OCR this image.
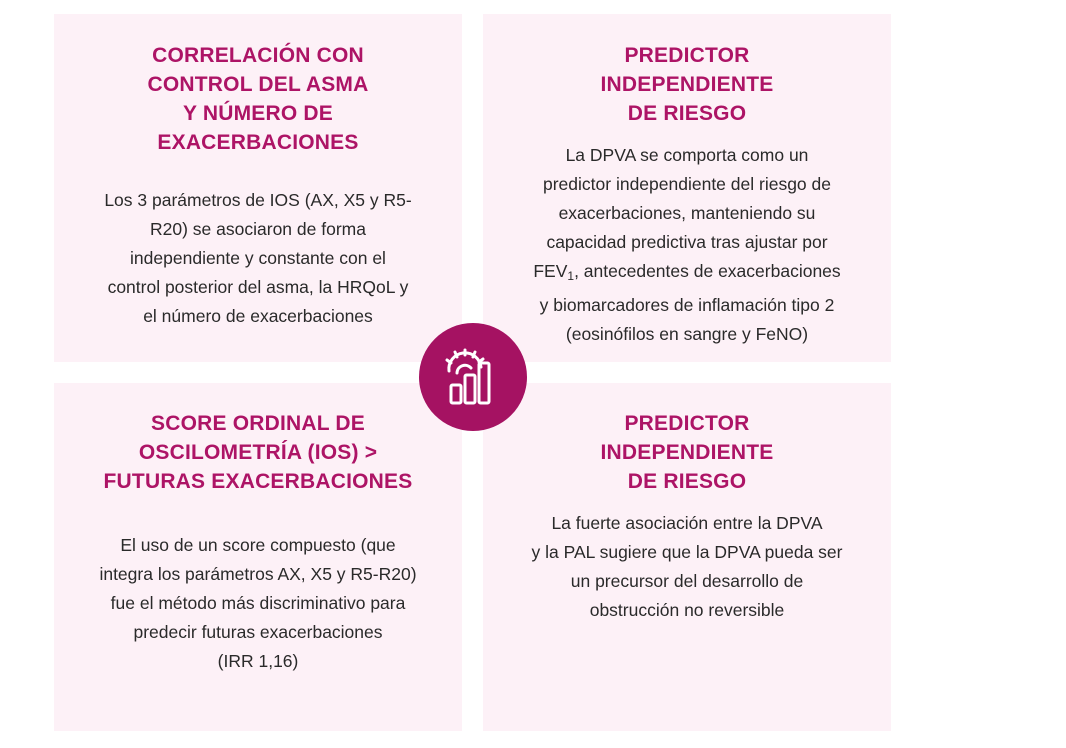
CORRELACIÓN CON
CONTROL DEL ASMA
Y NÚMERO DE
EXACERBACIONES

Los 3 parámetros de IOS (AX, X5 y R5-
R20) se asociaron de forma
independiente y constante con el
control posterior del asma, la HRQoL y
el número de exacerbaciones

PREDICTOR
INDEPENDIENTE
DE RIESGO

La DPVA se comporta como un
predictor independiente del riesgo de
exacerbaciones, manteniendo su
capacidad predictiva tras ajustar por
$FEV_1$, antecedentes de exacerbaciones
y biomarcadores de inflamación tipo 2
(eosinófilos en sangre y FeNO)

SCORE ORDINAL DE
OSCILOMETRÍA (IOS) >
FUTURAS EXACERBACIONES

El uso de un score compuesto (que
integra los parámetros AX, X5 y R5-R20)
fue el método más discriminativo para
predecir futuras exacerbaciones
(IRR 1,16)

PREDICTOR
INDEPENDIENTE
DE RIESGO

La fuerte asociación entre la DPVA
y la PAL sugiere que la DPVA pueda ser
un precursor del desarrollo de
obstrucción no reversible
